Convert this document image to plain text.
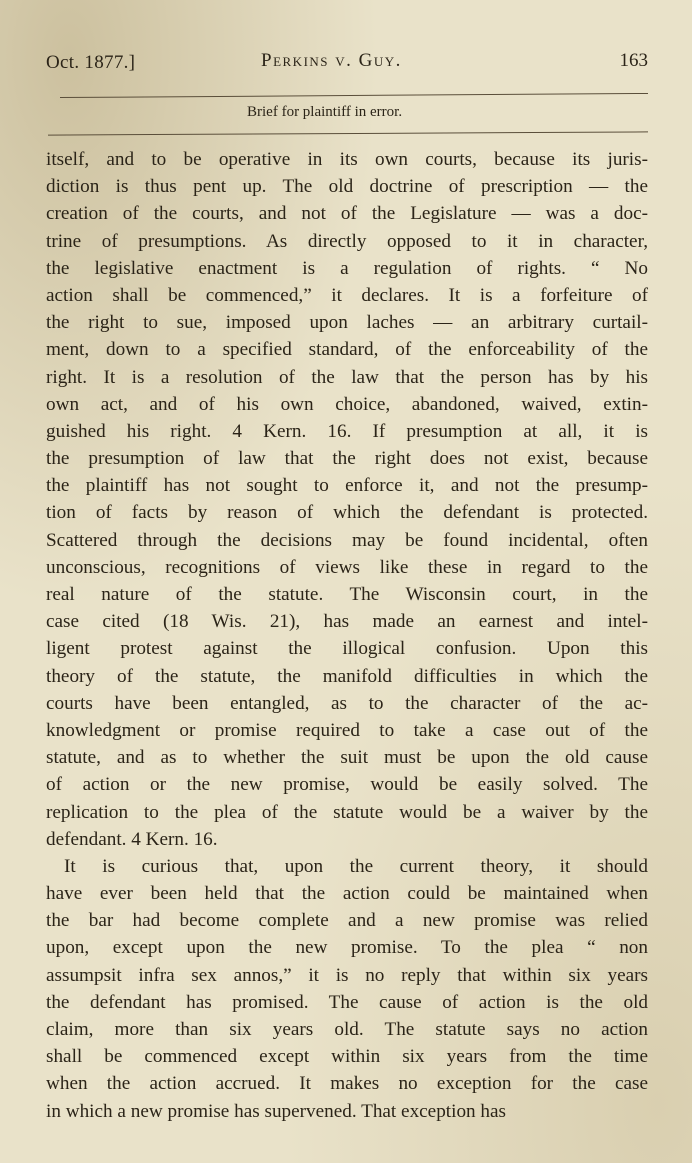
Oct. 1877.]	Perkins v. Guy.	163
Brief for plaintiff in error.
itself, and to be operative in its own courts, because its juris-
diction is thus pent up. The old doctrine of prescription — the
creation of the courts, and not of the Legislature — was a doc-
trine of presumptions. As directly opposed to it in character,
the legislative enactment is a regulation of rights. “ No
action shall be commenced,” it declares. It is a forfeiture of
the right to sue, imposed upon laches — an arbitrary curtail-
ment, down to a specified standard, of the enforceability of the
right. It is a resolution of the law that the person has by his
own act, and of his own choice, abandoned, waived, extin-
guished his right. 4 Kern. 16. If presumption at all, it is
the presumption of law that the right does not exist, because
the plaintiff has not sought to enforce it, and not the presump-
tion of facts by reason of which the defendant is protected.
Scattered through the decisions may be found incidental, often
unconscious, recognitions of views like these in regard to the
real nature of the statute. The Wisconsin court, in the
case cited (18 Wis. 21), has made an earnest and intel-
ligent protest against the illogical confusion. Upon this
theory of the statute, the manifold difficulties in which the
courts have been entangled, as to the character of the ac-
knowledgment or promise required to take a case out of the
statute, and as to whether the suit must be upon the old cause
of action or the new promise, would be easily solved. The
replication to the plea of the statute would be a waiver by the
defendant. 4 Kern. 16.
It is curious that, upon the current theory, it should
have ever been held that the action could be maintained when
the bar had become complete and a new promise was relied
upon, except upon the new promise. To the plea “ non
assumpsit infra sex annos,” it is no reply that within six years
the defendant has promised. The cause of action is the old
claim, more than six years old. The statute says no action
shall be commenced except within six years from the time
when the action accrued. It makes no exception for the case
in which a new promise has supervened. That exception has
